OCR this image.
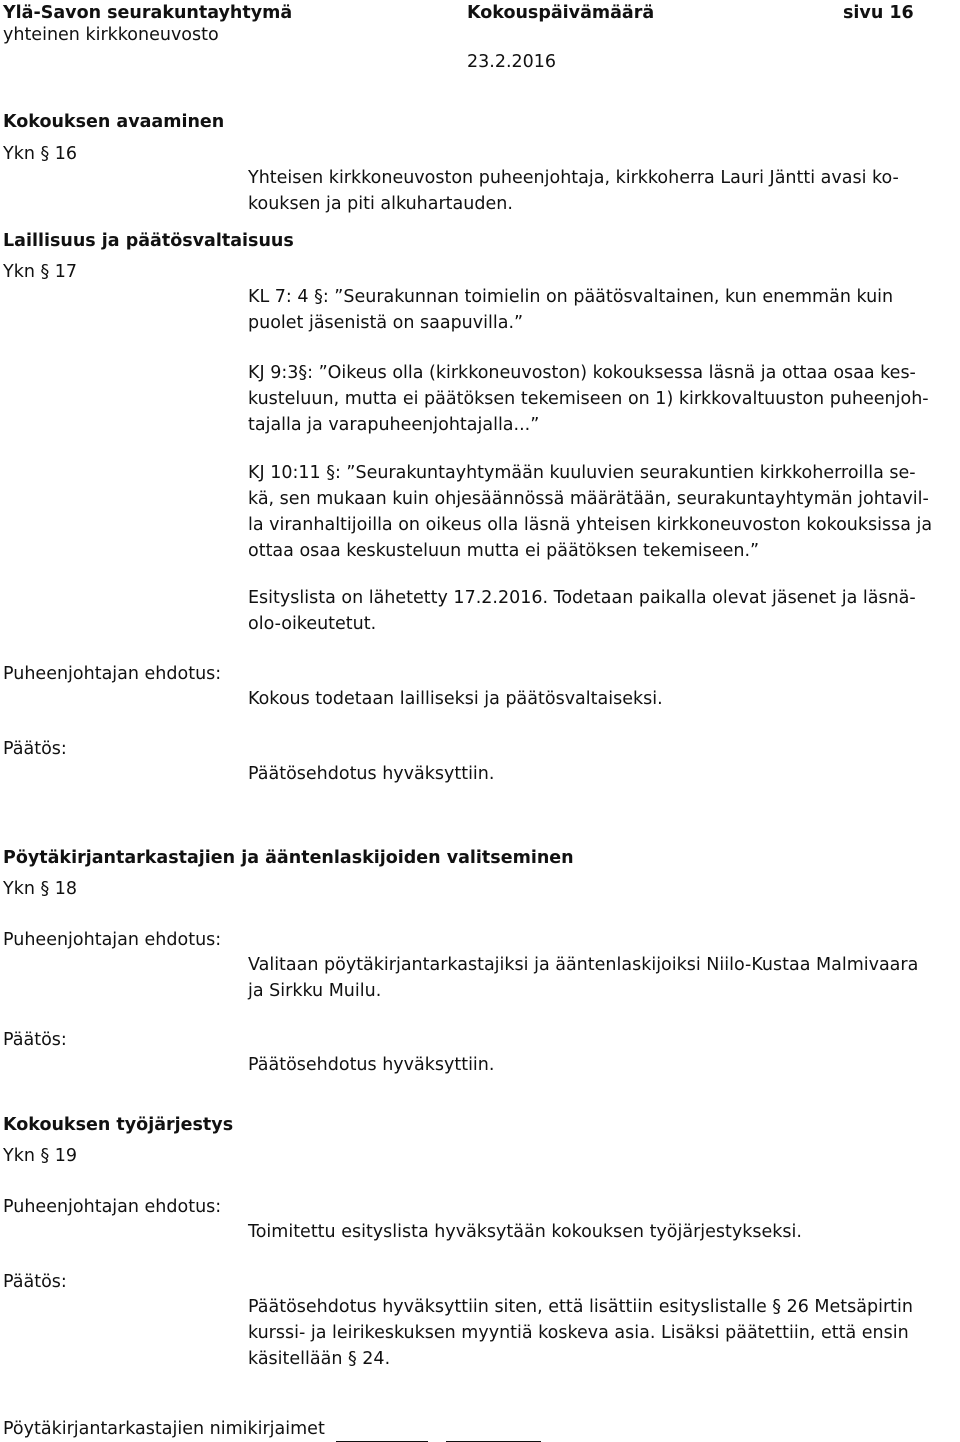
Ylä-Savon seurakuntayhtymä
yhteinen kirkkoneuvosto
Kokouspäivämäärä
23.2.2016
sivu 16
Kokouksen avaaminen
Ykn § 16

Yhteisen kirkkoneuvoston puheenjohtaja, kirkkoherra Lauri Jäntti avasi ko-

kouksen ja piti alkuhartauden.

Laillisuus ja päätösvaltaisuus
Ykn § 17

KL 7: 4 §: ”Seurakunnan toimielin on päätösvaltainen, kun enemmän kuin

puolet jäsenistä on saapuvilla.”

KJ 9:3§: ”Oikeus olla (kirkkoneuvoston) kokouksessa läsnä ja ottaa osaa kes-

kusteluun, mutta ei päätöksen tekemiseen on 1) kirkkovaltuuston puheenjoh-

tajalla ja varapuheenjohtajalla...”

KJ 10:11 §: ”Seurakuntayhtymään kuuluvien seurakuntien kirkkoherroilla se-

kä, sen mukaan kuin ohjesäännössä määrätään, seurakuntayhtymän johtavil-

la viranhaltijoilla on oikeus olla läsnä yhteisen kirkkoneuvoston kokouksissa ja

ottaa osaa keskusteluun mutta ei päätöksen tekemiseen.”

Esityslista on lähetetty 17.2.2016. Todetaan paikalla olevat jäsenet ja läsnä-

olo-oikeutetut.

Puheenjohtajan ehdotus:
Kokous todetaan lailliseksi ja päätösvaltaiseksi.
Päätös:
Päätösehdotus hyväksyttiin.
Pöytäkirjantarkastajien ja ääntenlaskijoiden valitseminen
Ykn § 18
Puheenjohtajan ehdotus:

Valitaan pöytäkirjantarkastajiksi ja ääntenlaskijoiksi Niilo-Kustaa Malmivaara

ja Sirkku Muilu.

Päätös:
Päätösehdotus hyväksyttiin.
Kokouksen työjärjestys
Ykn § 19
Puheenjohtajan ehdotus:
Toimitettu esityslista hyväksytään kokouksen työjärjestykseksi.
Päätös:

Päätösehdotus hyväksyttiin siten, että lisättiin esityslistalle § 26 Metsäpirtin

kurssi- ja leirikeskuksen myyntiä koskeva asia. Lisäksi päätettiin, että ensin

käsitellään § 24.

Pöytäkirjantarkastajien nimikirjaimet
